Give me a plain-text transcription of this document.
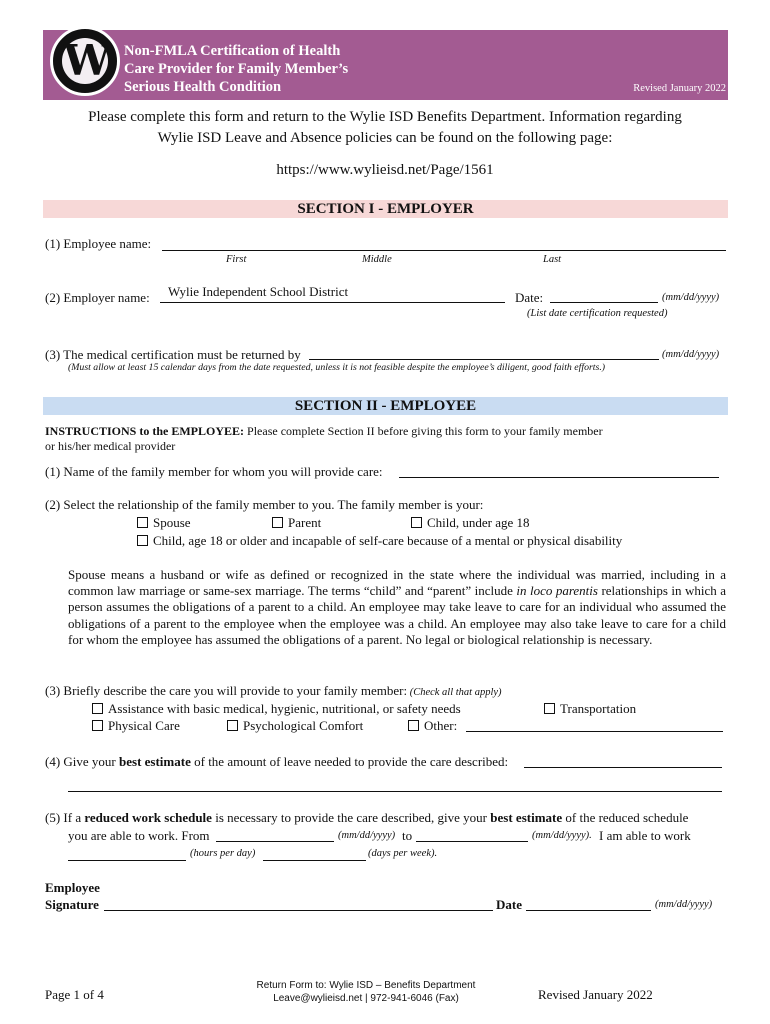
W	Non-FMLA Certification of Health
Care Provider for Family Member’s
Serious Health Condition	Revised January 2022
Please complete this form and return to the Wylie ISD Benefits Department. Information regarding
Wylie ISD Leave and Absence policies can be found on the following page:
https://www.wylieisd.net/Page/1561
SECTION I - EMPLOYER
(1) Employee name:
First	Middle	Last
(2) Employer name: Wylie Independent School District	Date:	(mm/dd/yyyy)
(List date certification requested)
(3) The medical certification must be returned by	(mm/dd/yyyy)
(Must allow at least 15 calendar days from the date requested, unless it is not feasible despite the employee’s diligent, good faith efforts.)
SECTION II - EMPLOYEE
INSTRUCTIONS to the EMPLOYEE: Please complete Section II before giving this form to your family member
or his/her medical provider
(1) Name of the family member for whom you will provide care:
(2) Select the relationship of the family member to you. The family member is your:
Spouse	Parent	Child, under age 18
Child, age 18 or older and incapable of self-care because of a mental or physical disability
Spouse means a husband or wife as defined or recognized in the state where the individual was married, including in a common law marriage or same-sex marriage. The terms “child” and “parent” include in loco parentis relationships in which a person assumes the obligations of a parent to a child. An employee may take leave to care for an individual who assumed the obligations of a parent to the employee when the employee was a child. An employee may also take leave to care for a child for whom the employee has assumed the obligations of a parent. No legal or biological relationship is necessary.
(3) Briefly describe the care you will provide to your family member: (Check all that apply)
Assistance with basic medical, hygienic, nutritional, or safety needs	Transportation
Physical Care	Psychological Comfort	Other:
(4) Give your best estimate of the amount of leave needed to provide the care described:
(5) If a reduced work schedule is necessary to provide the care described, give your best estimate of the reduced schedule
you are able to work. From	(mm/dd/yyyy) to	(mm/dd/yyyy). I am able to work
(hours per day)	(days per week).
Employee
Signature	Date	(mm/dd/yyyy)
Page 1 of 4
Return Form to: Wylie ISD – Benefits Department
Leave@wylieisd.net | 972-941-6046 (Fax)	Revised January 2022
